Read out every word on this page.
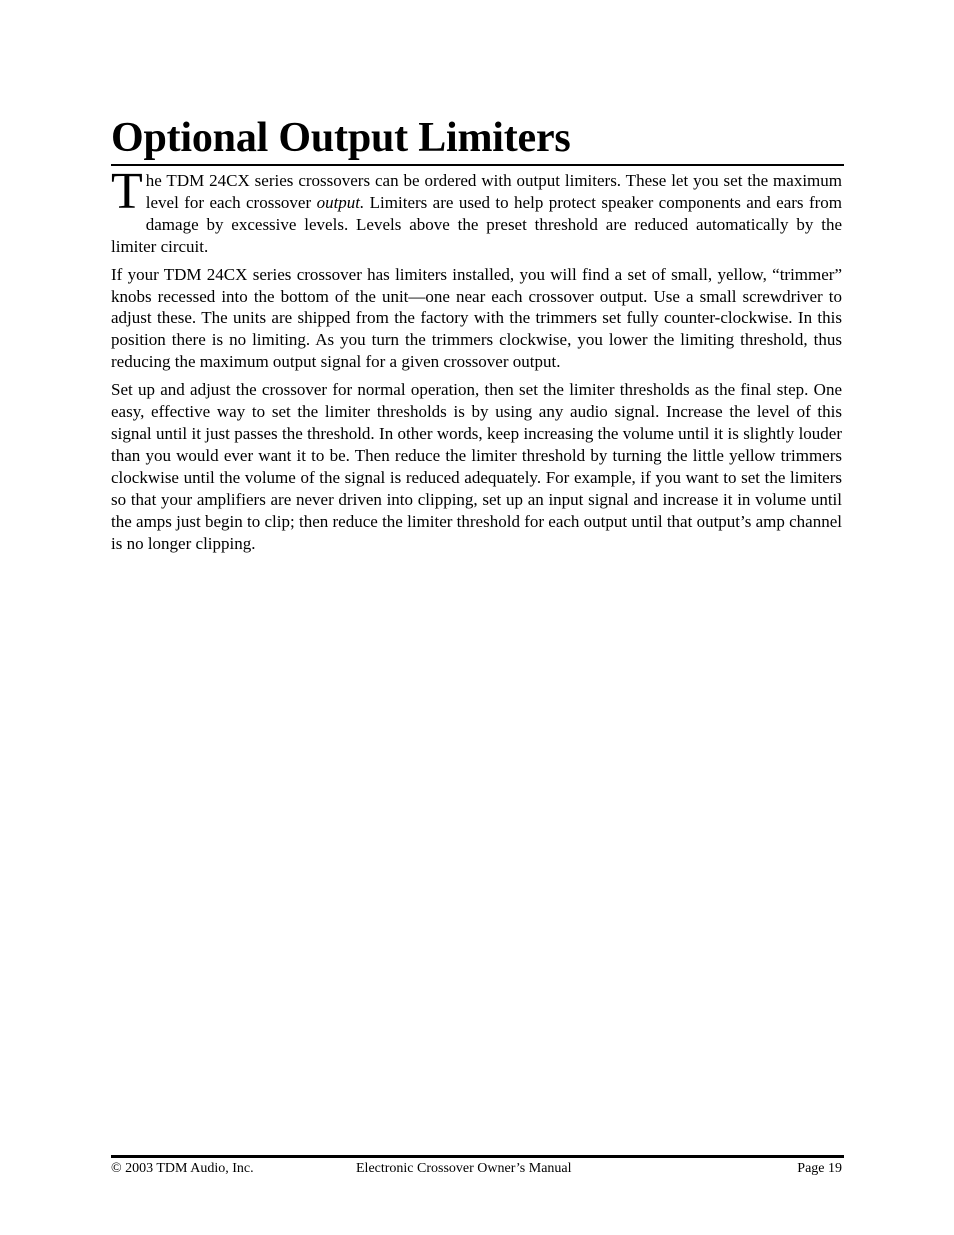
Optional Output Limiters

The TDM 24CX series crossovers can be ordered with output limiters. These let you set the maximum level for each crossover output. Limiters are used to help protect speaker components and ears from damage by excessive levels. Levels above the preset threshold are reduced automatically by the limiter circuit.

If your TDM 24CX series crossover has limiters installed, you will find a set of small, yellow, “trimmer” knobs recessed into the bottom of the unit—one near each crossover output. Use a small screwdriver to adjust these. The units are shipped from the factory with the trimmers set fully counter-clockwise. In this position there is no limiting. As you turn the trimmers clockwise, you lower the limiting threshold, thus reducing the maximum output signal for a given crossover output.

Set up and adjust the crossover for normal operation, then set the limiter thresholds as the final step. One easy, effective way to set the limiter thresholds is by using any audio signal. Increase the level of this signal until it just passes the threshold. In other words, keep increasing the volume until it is slightly louder than you would ever want it to be. Then reduce the limiter threshold by turning the little yellow trimmers clockwise until the volume of the signal is reduced adequately. For example, if you want to set the limiters so that your amplifiers are never driven into clipping, set up an input signal and increase it in volume until the amps just begin to clip; then reduce the limiter threshold for each output until that output’s amp channel is no longer clipping.

© 2003 TDM Audio, Inc.	Electronic Crossover Owner’s Manual	Page 19
